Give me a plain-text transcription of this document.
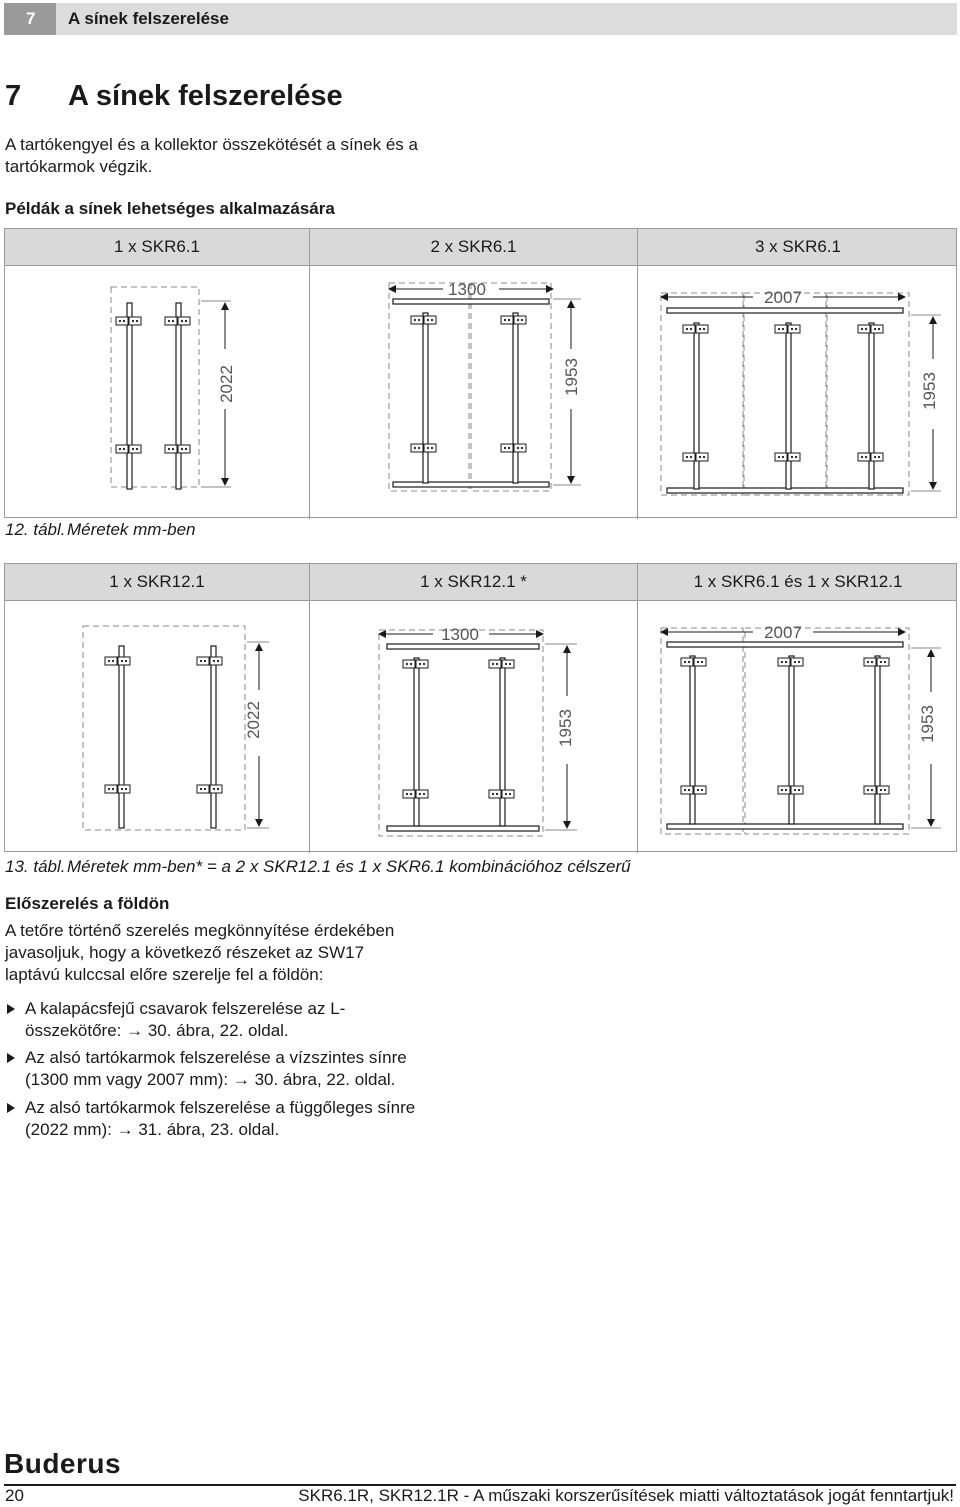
7	A sínek felszerelése
7 A sínek felszerelése
A tartókengyel és a kollektor összekötését a sínek és a
tartókarmok végzik.
Példák a sínek lehetséges alkalmazására
1 x SKR6.1	2 x SKR6.1	3 x SKR6.1
2022
1300
1953
2007
1953
12. tábl.Méretek mm-ben
1 x SKR12.1	1 x SKR12.1 *	1 x SKR6.1 és 1 x SKR12.1
2022
1300
1953
2007
1953
13. tábl.Méretek mm-ben* = a 2 x SKR12.1 és 1 x SKR6.1 kombinációhoz célszerű
Előszerelés a földön
A tetőre történő szerelés megkönnyítése érdekében
javasoljuk, hogy a következő részeket az SW17
laptávú kulccsal előre szerelje fel a földön:
A kalapácsfejű csavarok felszerelése az L-
összekötőre: → 30. ábra, 22. oldal.
Az alsó tartókarmok felszerelése a vízszintes sínre
(1300 mm vagy 2007 mm): → 30. ábra, 22. oldal.
Az alsó tartókarmok felszerelése a függőleges sínre
(2022 mm): → 31. ábra, 23. oldal.
Buderus
20	SKR6.1R, SKR12.1R - A műszaki korszerűsítések miatti változtatások jogát fenntartjuk!
